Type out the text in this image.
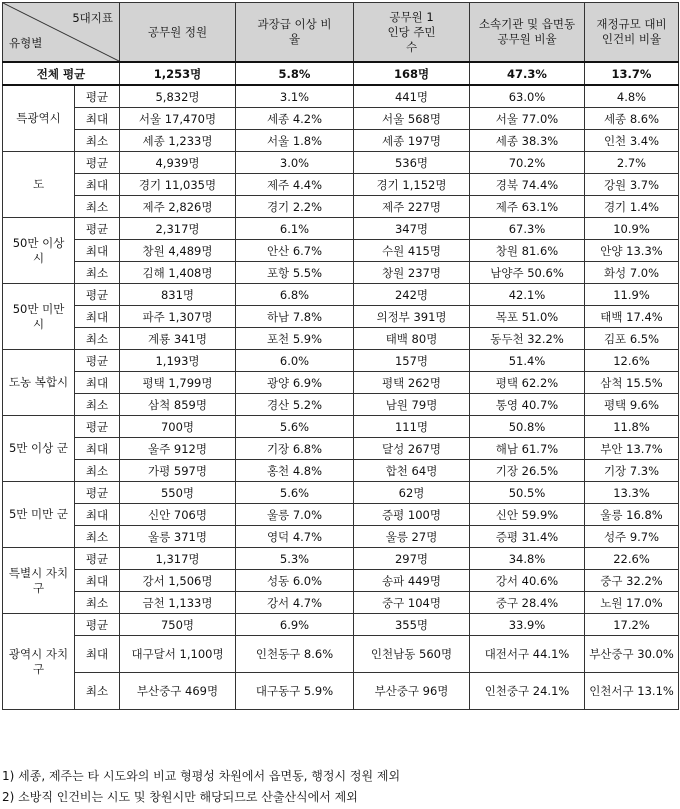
5대지표
유형별		공무원 정원	과장급 이상 비율	공무원 1인당 주민수	소속기관 및 읍면동 공무원 비율	재정규모 대비 인건비 비율
전체 평균		1,253명	5.8%	168명	47.3%	13.7%
특광역시	평균	5,832명	3.1%	441명	63.0%	4.8%
	최대	서울 17,470명	세종 4.2%	서울 568명	서울 77.0%	세종 8.6%
	최소	세종 1,233명	서울 1.8%	세종 197명	세종 38.3%	인천 3.4%
도	평균	4,939명	3.0%	536명	70.2%	2.7%
	최대	경기 11,035명	제주 4.4%	경기 1,152명	경북 74.4%	강원 3.7%
	최소	제주 2,826명	경기 2.2%	제주 227명	제주 63.1%	경기 1.4%
50만 이상 시	평균	2,317명	6.1%	347명	67.3%	10.9%
	최대	창원 4,489명	안산 6.7%	수원 415명	창원 81.6%	안양 13.3%
	최소	김해 1,408명	포항 5.5%	창원 237명	남양주 50.6%	화성 7.0%
50만 미만 시	평균	831명	6.8%	242명	42.1%	11.9%
	최대	파주 1,307명	하남 7.8%	의정부 391명	목포 51.0%	태백 17.4%
	최소	계룡 341명	포천 5.9%	태백 80명	동두천 32.2%	김포 6.5%
도농 복합시	평균	1,193명	6.0%	157명	51.4%	12.6%
	최대	평택 1,799명	광양 6.9%	평택 262명	평택 62.2%	삼척 15.5%
	최소	삼척 859명	경산 5.2%	남원 79명	통영 40.7%	평택 9.6%
5만 이상 군	평균	700명	5.6%	111명	50.8%	11.8%
	최대	울주 912명	기장 6.8%	달성 267명	해남 61.7%	부안 13.7%
	최소	가평 597명	홍천 4.8%	합천 64명	기장 26.5%	기장 7.3%
5만 미만 군	평균	550명	5.6%	62명	50.5%	13.3%
	최대	신안 706명	울릉 7.0%	증평 100명	신안 59.9%	울릉 16.8%
	최소	울릉 371명	영덕 4.7%	울릉 27명	증평 31.4%	성주 9.7%
특별시 자치구	평균	1,317명	5.3%	297명	34.8%	22.6%
	최대	강서 1,506명	성동 6.0%	송파 449명	강서 40.6%	중구 32.2%
	최소	금천 1,133명	강서 4.7%	중구 104명	중구 28.4%	노원 17.0%
광역시 자치구	평균	750명	6.9%	355명	33.9%	17.2%
	최대	대구달서 1,100명	인천동구 8.6%	인천남동 560명	대전서구 44.1%	부산중구 30.0%
	최소	부산중구 469명	대구동구 5.9%	부산중구 96명	인천중구 24.1%	인천서구 13.1%
1) 세종, 제주는 타 시도와의 비교 형평성 차원에서 읍면동, 행정시 정원 제외
2) 소방직 인건비는 시도 및 창원시만 해당되므로 산출산식에서 제외
